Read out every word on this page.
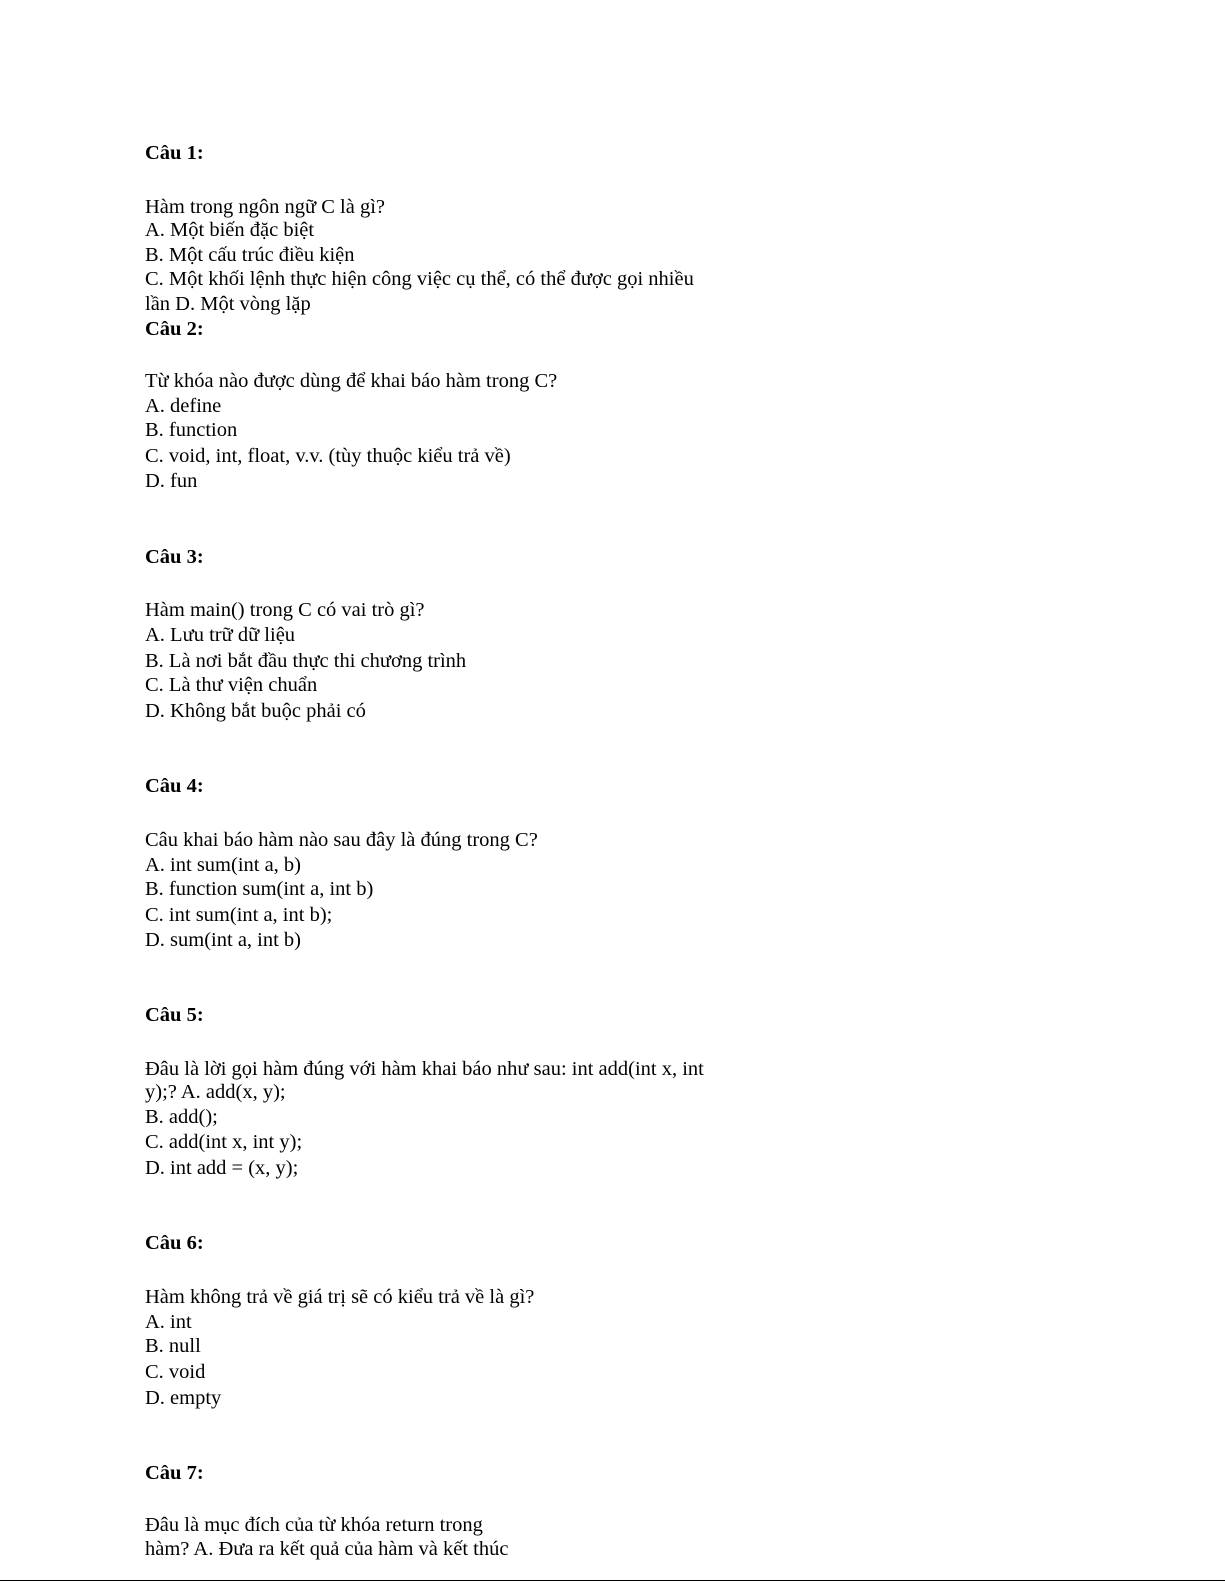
Câu 1:
Hàm trong ngôn ngữ C là gì?
A. Một biến đặc biệt
B. Một cấu trúc điều kiện
C. Một khối lệnh thực hiện công việc cụ thể, có thể được gọi nhiều
lần D. Một vòng lặp
Câu 2:
Từ khóa nào được dùng để khai báo hàm trong C?
A. define
B. function
C. void, int, float, v.v. (tùy thuộc kiểu trả về)
D. fun
Câu 3:
Hàm main() trong C có vai trò gì?
A. Lưu trữ dữ liệu
B. Là nơi bắt đầu thực thi chương trình
C. Là thư viện chuẩn
D. Không bắt buộc phải có
Câu 4:
Câu khai báo hàm nào sau đây là đúng trong C?
A. int sum(int a, b)
B. function sum(int a, int b)
C. int sum(int a, int b);
D. sum(int a, int b)
Câu 5:
Đâu là lời gọi hàm đúng với hàm khai báo như sau: int add(int x, int
y);? A. add(x, y);
B. add();
C. add(int x, int y);
D. int add = (x, y);
Câu 6:
Hàm không trả về giá trị sẽ có kiểu trả về là gì?
A. int
B. null
C. void
D. empty
Câu 7:
Đâu là mục đích của từ khóa return trong
hàm? A. Đưa ra kết quả của hàm và kết thúc
